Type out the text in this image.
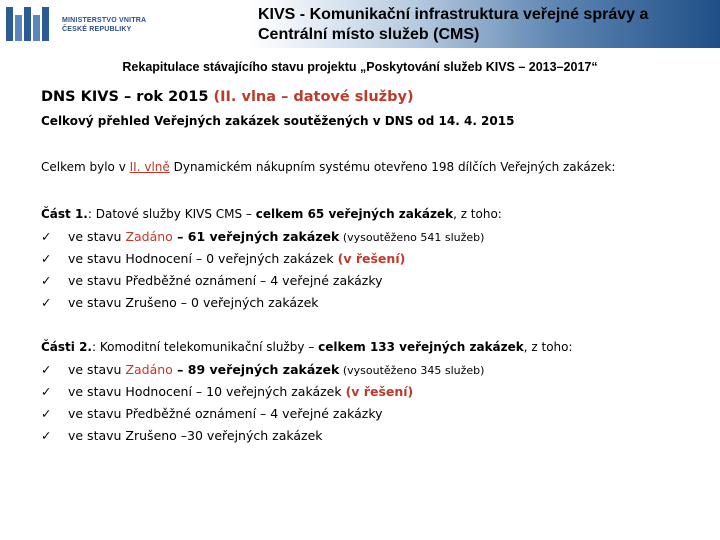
MINISTERSTVO VNITRA
ČESKÉ REPUBLIKY
KIVS - Komunikační infrastruktura veřejné správy a
Centrální místo služeb (CMS)
Rekapitulace stávajícího stavu projektu „Poskytování služeb KIVS – 2013–2017“
DNS KIVS – rok 2015 (II. vlna – datové služby)
Celkový přehled Veřejných zakázek soutěžených v DNS od 14. 4. 2015
Celkem bylo v II. vlně Dynamickém nákupním systému otevřeno 198 dílčích Veřejných zakázek:
Část 1.: Datové služby KIVS CMS – celkem 65 veřejných zakázek, z toho:
✓ ve stavu Zadáno – 61 veřejných zakázek (vysoutěženo 541 služeb)
✓ ve stavu Hodnocení – 0 veřejných zakázek (v řešení)
✓ ve stavu Předběžné oznámení – 4 veřejné zakázky
✓ ve stavu Zrušeno – 0 veřejných zakázek
Části 2.: Komoditní telekomunikační služby – celkem 133 veřejných zakázek, z toho:
✓ ve stavu Zadáno – 89 veřejných zakázek (vysoutěženo 345 služeb)
✓ ve stavu Hodnocení – 10 veřejných zakázek (v řešení)
✓ ve stavu Předběžné oznámení – 4 veřejné zakázky
✓ ve stavu Zrušeno –30 veřejných zakázek
